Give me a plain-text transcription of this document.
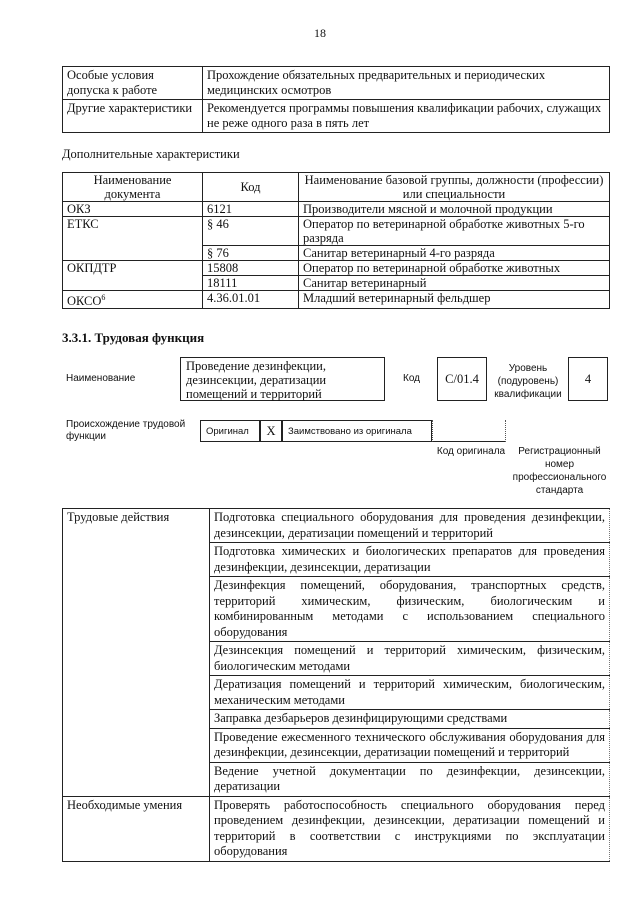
18
Особые условия допуска к работе	Прохождение обязательных предварительных и периодических медицинских осмотров
Другие характеристики	Рекомендуется программы повышения квалификации рабочих, служащих не реже одного раза в пять лет
Дополнительные характеристики
Наименование документа	Код	Наименование базовой группы, должности (профессии) или специальности
ОКЗ	6121	Производители мясной и молочной продукции
ЕТКС	§ 46	Оператор по ветеринарной обработке животных 5-го разряда
	§ 76	Санитар ветеринарный 4-го разряда
ОКПДТР	15808	Оператор по ветеринарной обработке животных
	18111	Санитар ветеринарный
ОКСО$^6$	4.36.01.01	Младший ветеринарный фельдшер
3.3.1. Трудовая функция
Наименование
Проведение дезинфекции, дезинсекции, дератизации помещений и территорий
Код	C/01.4
Уровень (подуровень) квалификации
4
Происхождение трудовой функции	Оригинал	X	Заимствовано из оригинала
Код оригинала	Регистрационный номер профессионального стандарта
Трудовые действия	Подготовка специального оборудования для проведения дезинфекции, дезинсекции, дератизации помещений и территорий
	Подготовка химических и биологических препаратов для проведения дезинфекции, дезинсекции, дератизации
	Дезинфекция помещений, оборудования, транспортных средств, территорий химическим, физическим, биологическим и комбинированным методами с использованием специального оборудования
	Дезинсекция помещений и территорий химическим, физическим, биологическим методами
	Дератизация помещений и территорий химическим, биологическим, механическим методами
	Заправка дезбарьеров дезинфицирующими средствами
	Проведение ежесменного технического обслуживания оборудования для дезинфекции, дезинсекции, дератизации помещений и территорий
	Ведение учетной документации по дезинфекции, дезинсекции, дератизации
Необходимые умения	Проверять работоспособность специального оборудования перед проведением дезинфекции, дезинсекции, дератизации помещений и территорий в соответствии с инструкциями по эксплуатации оборудования
